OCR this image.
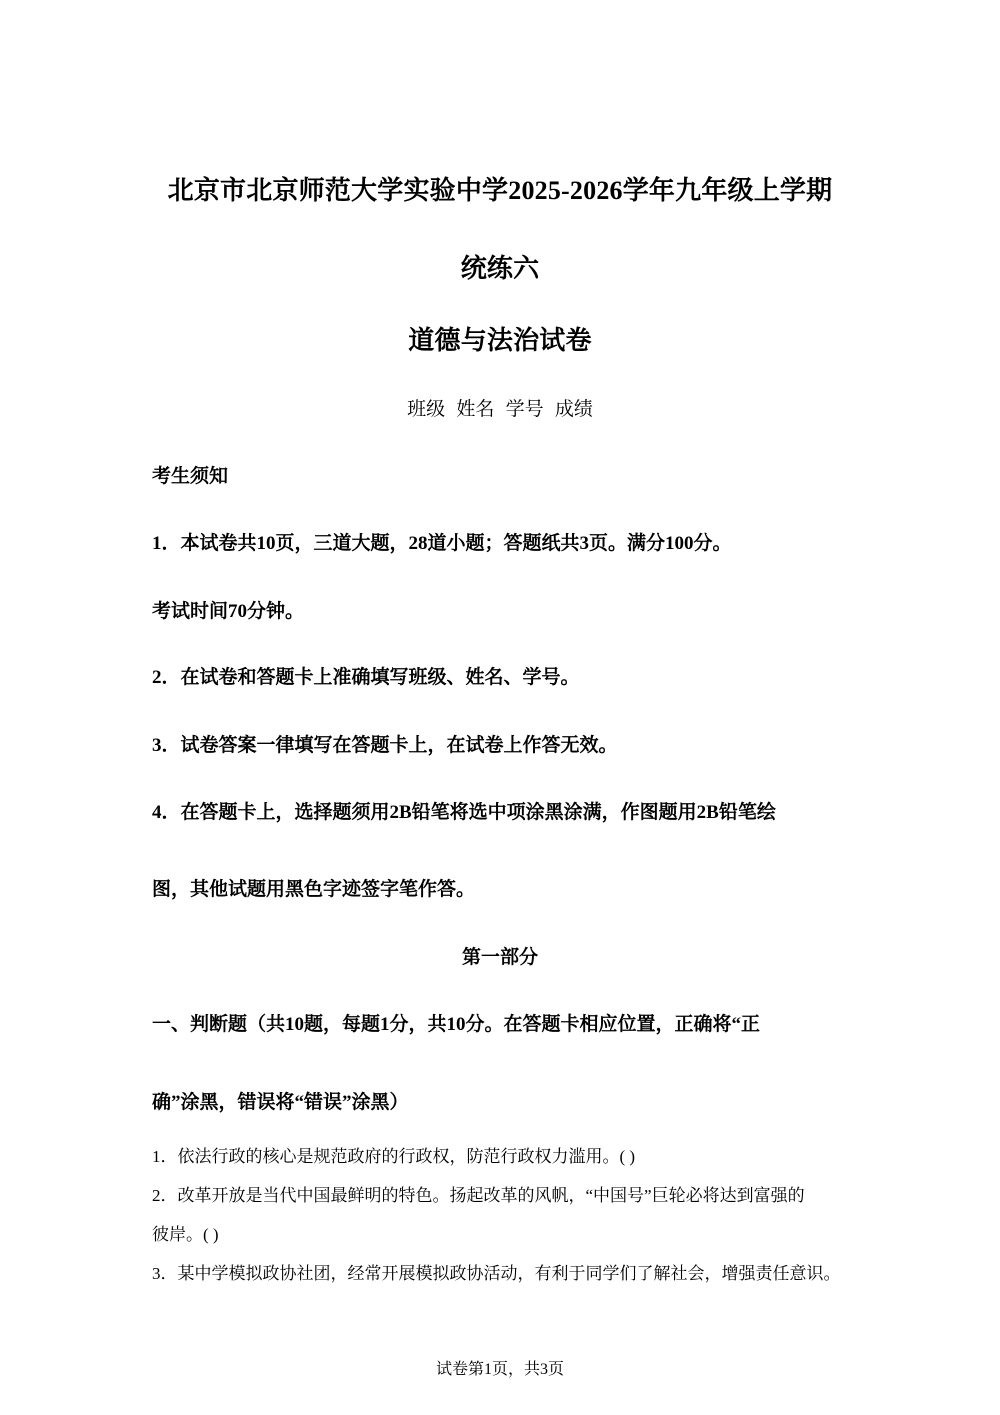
北京市北京师范大学实验中学2025-2026学年九年级上学期
统练六
道德与法治试卷
班级 姓名 学号 成绩
考生须知
1．本试卷共10页，三道大题，28道小题；答题纸共3页。满分100分。
考试时间70分钟。
2．在试卷和答题卡上准确填写班级、姓名、学号。
3．试卷答案一律填写在答题卡上，在试卷上作答无效。
4．在答题卡上，选择题须用2B铅笔将选中项涂黑涂满，作图题用2B铅笔绘
图，其他试题用黑色字迹签字笔作答。
第一部分
一、判断题（共10题，每题1分，共10分。在答题卡相应位置，正确将“正
确”涂黑，错误将“错误”涂黑）
1．依法行政的核心是规范政府的行政权，防范行政权力滥用。( )
2．改革开放是当代中国最鲜明的特色。扬起改革的风帆，“中国号”巨轮必将达到富强的
彼岸。( )
3．某中学模拟政协社团，经常开展模拟政协活动，有利于同学们了解社会，增强责任意识。
试卷第1页，共3页
